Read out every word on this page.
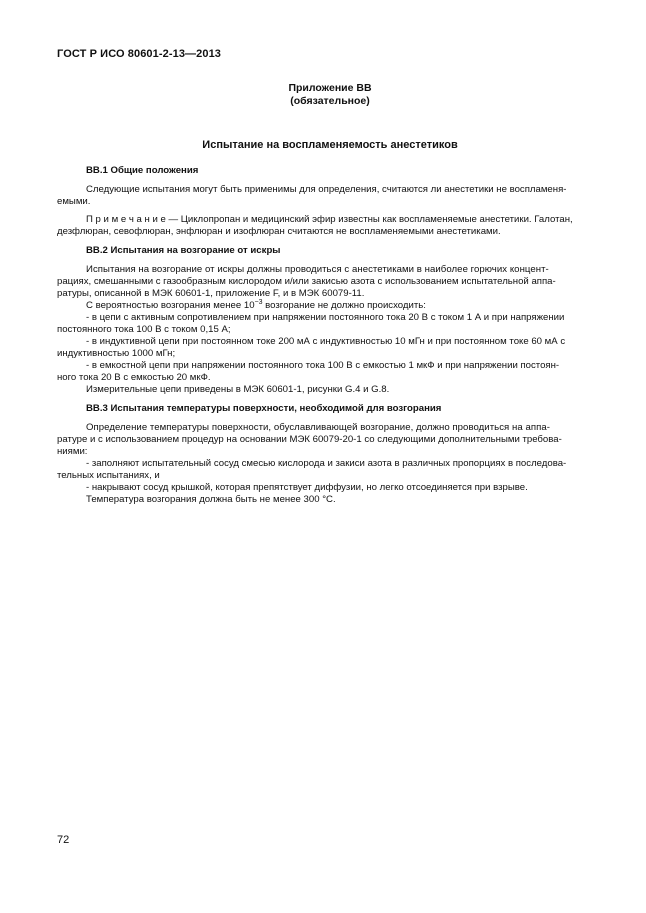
ГОСТ Р ИСО 80601-2-13—2013
Приложение ВВ
(обязательное)
Испытание на воспламеняемость анестетиков
ВВ.1 Общие положения
Следующие испытания могут быть применимы для определения, считаются ли анестетики не воспламеня-
емыми.
П р и м е ч а н и е — Циклопропан и медицинский эфир известны как воспламеняемые анестетики. Галотан,
дезфлюран, севофлюран, энфлюран и изофлюран считаются не воспламеняемыми анестетиками.
ВВ.2 Испытания на возгорание от искры
Испытания на возгорание от искры должны проводиться с анестетиками в наиболее горючих концент-
рациях, смешанными с газообразным кислородом и/или закисью азота с использованием испытательной аппа-
ратуры, описанной в МЭК 60601-1, приложение F, и в МЭК 60079-11.
С вероятностью возгорания менее $10^{-3}$ возгорание не должно происходить:
- в цепи с активным сопротивлением при напряжении постоянного тока 20 В с током 1 А и при напряжении
постоянного тока 100 В с током 0,15 А;
- в индуктивной цепи при постоянном токе 200 мА с индуктивностью 10 мГн и при постоянном токе 60 мА с
индуктивностью 1000 мГн;
- в емкостной цепи при напряжении постоянного тока 100 В с емкостью 1 мкФ и при напряжении постоян-
ного тока 20 В с емкостью 20 мкФ.
Измерительные цепи приведены в МЭК 60601-1, рисунки G.4 и G.8.
ВВ.3 Испытания температуры поверхности, необходимой для возгорания
Определение температуры поверхности, обуславливающей возгорание, должно проводиться на аппа-
ратуре и с использованием процедур на основании МЭК 60079-20-1 со следующими дополнительными требова-
ниями:
- заполняют испытательный сосуд смесью кислорода и закиси азота в различных пропорциях в последова-
тельных испытаниях, и
- накрывают сосуд крышкой, которая препятствует диффузии, но легко отсоединяется при взрыве.
Температура возгорания должна быть не менее 300 °С.
72
